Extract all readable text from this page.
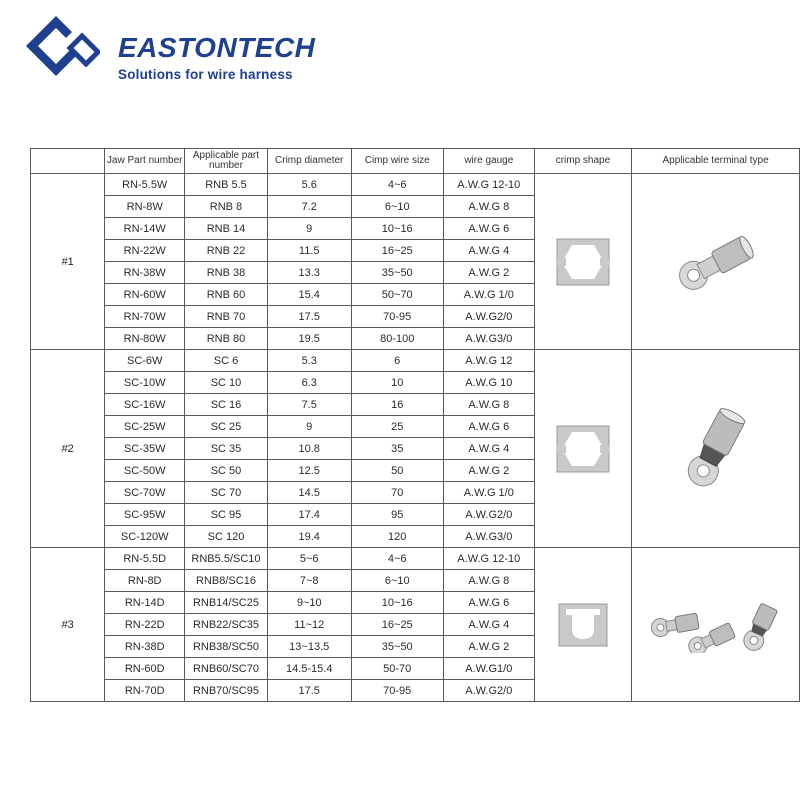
EASTONTECH
Solutions for wire harness
	Jaw Part number	Applicable part number	Crimp diameter	Cimp wire size	wire gauge	crimp shape	Applicable terminal type
#1	RN-5.5W	RNB 5.5	5.6	4~6	A.W.G 12-10	

	RN-8W	RNB 8	7.2	6~10	A.W.G 8		
	RN-14W	RNB 14	9	10~16	A.W.G 6		
	RN-22W	RNB 22	11.5	16~25	A.W.G 4		
	RN-38W	RNB 38	13.3	35~50	A.W.G 2		
	RN-60W	RNB 60	15.4	50~70	A.W.G 1/0		
	RN-70W	RNB 70	17.5	70-95	A.W.G2/0		
	RN-80W	RNB 80	19.5	80-100	A.W.G3/0		
#2	SC-6W	SC 6	5.3	6	A.W.G 12	

	SC-10W	SC 10	6.3	10	A.W.G 10		
	SC-16W	SC 16	7.5	16	A.W.G 8		
	SC-25W	SC 25	9	25	A.W.G 6		
	SC-35W	SC 35	10.8	35	A.W.G 4		
	SC-50W	SC 50	12.5	50	A.W.G 2		
	SC-70W	SC 70	14.5	70	A.W.G 1/0		
	SC-95W	SC 95	17.4	95	A.W.G2/0		
	SC-120W	SC 120	19.4	120	A.W.G3/0		
#3	RN-5.5D	RNB5.5/SC10	5~6	4~6	A.W.G 12-10	

	RN-8D	RNB8/SC16	7~8	6~10	A.W.G 8		
	RN-14D	RNB14/SC25	9~10	10~16	A.W.G 6		
	RN-22D	RNB22/SC35	11~12	16~25	A.W.G 4		
	RN-38D	RNB38/SC50	13~13.5	35~50	A.W.G 2		
	RN-60D	RNB60/SC70	14.5-15.4	50-70	A.W.G1/0		
	RN-70D	RNB70/SC95	17.5	70-95	A.W.G2/0		
